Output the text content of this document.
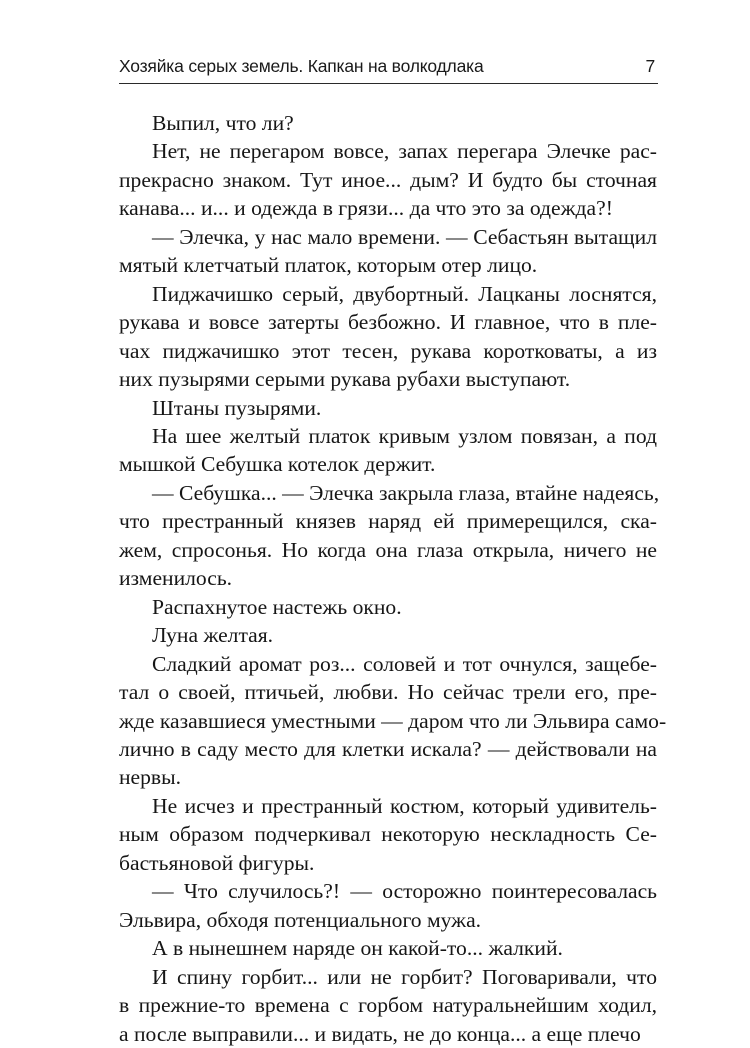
Хозяйка серых земель. Капкан на волкодлака	7

Выпил, что ли?

Нет, не перегаром вовсе, запах перегара Элечке рас-
прекрасно знаком. Тут иное... дым? И будто бы сточная
канава... и... и одежда в грязи... да что это за одежда?!

— Элечка, у нас мало времени. — Себастьян вытащил
мятый клетчатый платок, которым отер лицо.

Пиджачишко серый, двубортный. Лацканы лоснятся,
рукава и вовсе затерты безбожно. И главное, что в пле-
чах пиджачишко этот тесен, рукава коротковаты, а из
них пузырями серыми рукава рубахи выступают.

Штаны пузырями.

На шее желтый платок кривым узлом повязан, а под
мышкой Себушка котелок держит.

— Себушка... — Элечка закрыла глаза, втайне надеясь,
что престранный князев наряд ей примерещился, ска-
жем, спросонья. Но когда она глаза открыла, ничего не
изменилось.

Распахнутое настежь окно.

Луна желтая.

Сладкий аромат роз... соловей и тот очнулся, защебе-
тал о своей, птичьей, любви. Но сейчас трели его, пре-
жде казавшиеся уместными — даром что ли Эльвира само-
лично в саду место для клетки искала? — действовали на
нервы.

Не исчез и престранный костюм, который удивитель-
ным образом подчеркивал некоторую нескладность Се-
бастьяновой фигуры.

— Что случилось?! — осторожно поинтересовалась
Эльвира, обходя потенциального мужа.

А в нынешнем наряде он какой-то... жалкий.

И спину горбит... или не горбит? Поговаривали, что
в прежние-то времена с горбом натуральнейшим ходил,
а после выправили... и видать, не до конца... а еще плечо
